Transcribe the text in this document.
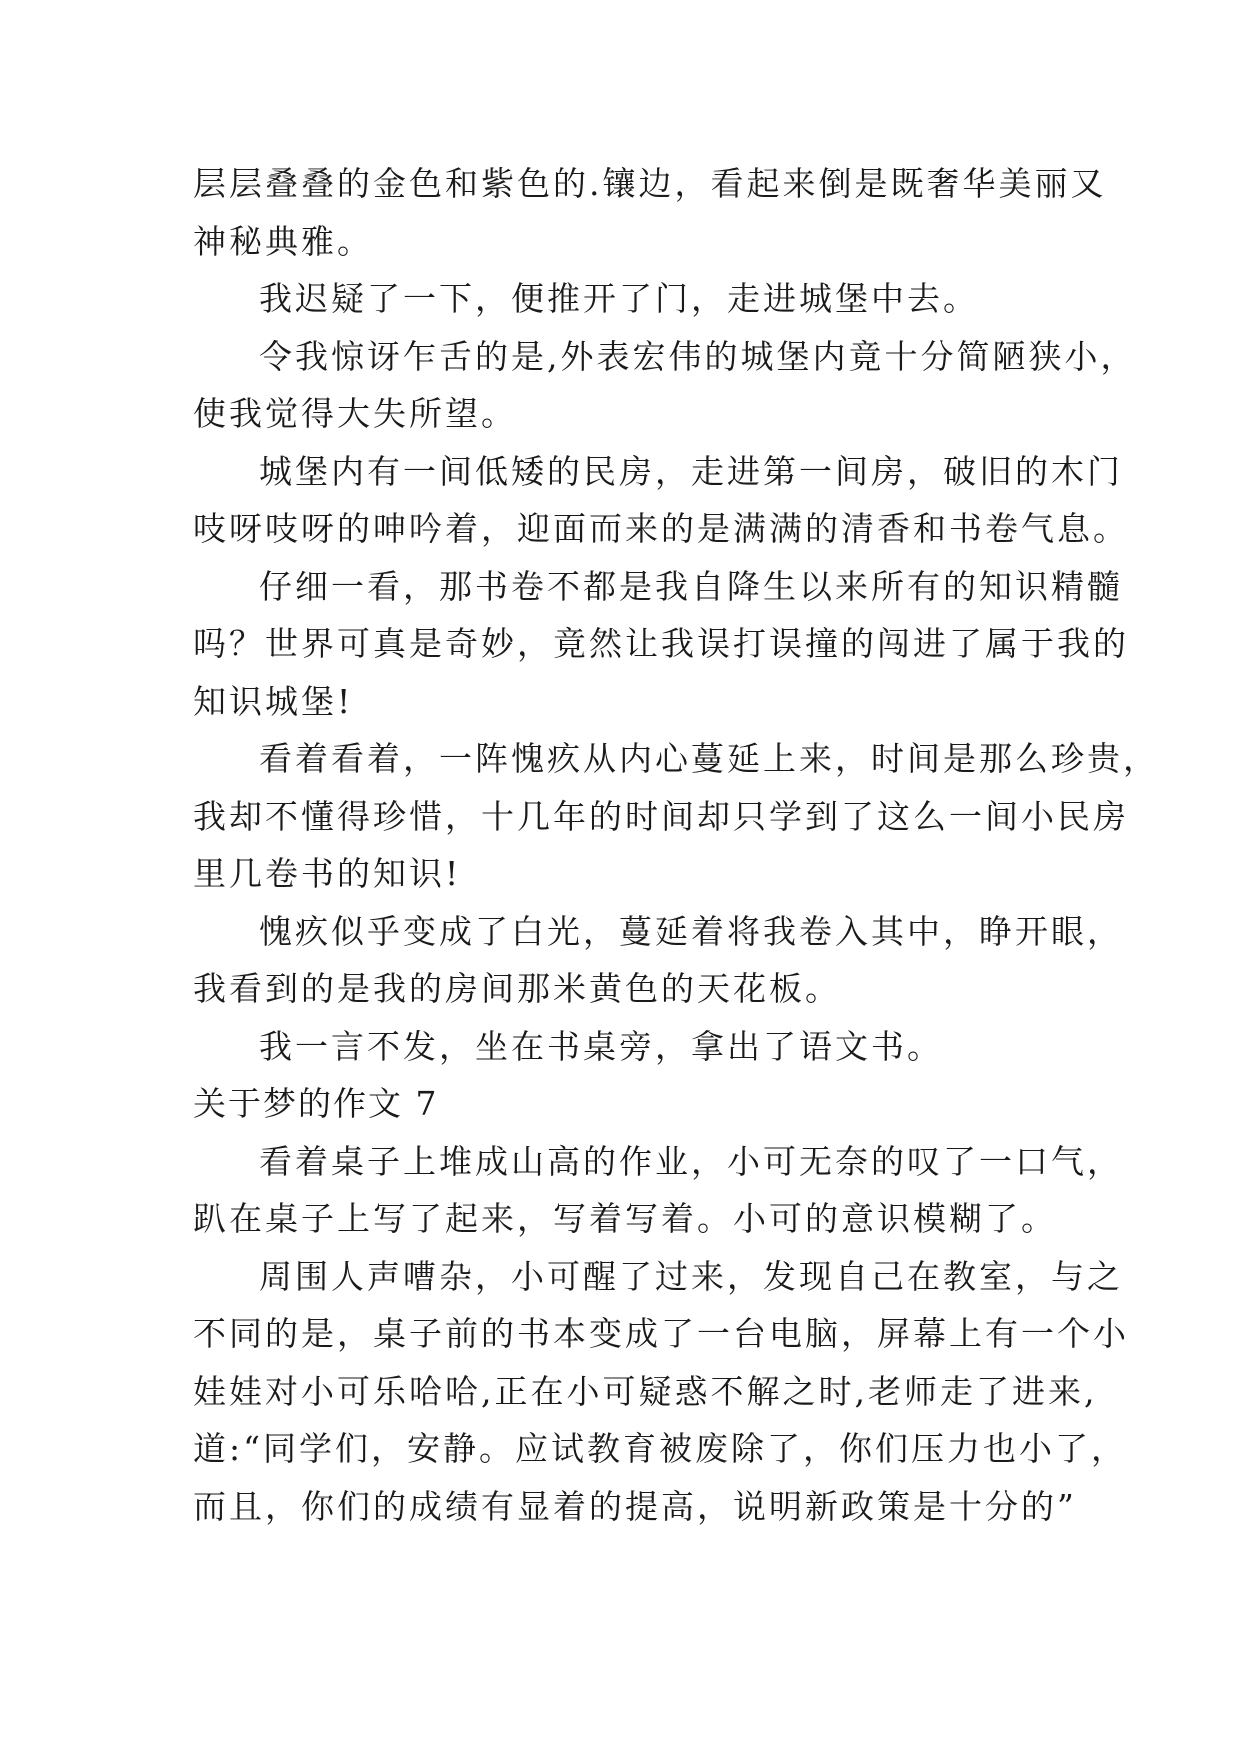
层层叠叠的金色和紫色的.镶边，看起来倒是既奢华美丽又
神秘典雅。
我迟疑了一下，便推开了门，走进城堡中去。
令我惊讶乍舌的是,外表宏伟的城堡内竟十分简陋狭小，
使我觉得大失所望。
城堡内有一间低矮的民房，走进第一间房，破旧的木门
吱呀吱呀的呻吟着，迎面而来的是满满的清香和书卷气息。
仔细一看，那书卷不都是我自降生以来所有的知识精髓
吗？世界可真是奇妙，竟然让我误打误撞的闯进了属于我的
知识城堡!
看着看着，一阵愧疚从内心蔓延上来，时间是那么珍贵，
我却不懂得珍惜，十几年的时间却只学到了这么一间小民房
里几卷书的知识!
愧疚似乎变成了白光，蔓延着将我卷入其中，睁开眼，
我看到的是我的房间那米黄色的天花板。
我一言不发，坐在书桌旁，拿出了语文书。
关于梦的作文 7
看着桌子上堆成山高的作业，小可无奈的叹了一口气，
趴在桌子上写了起来，写着写着。小可的意识模糊了。
周围人声嘈杂，小可醒了过来，发现自己在教室，与之
不同的是，桌子前的书本变成了一台电脑，屏幕上有一个小
娃娃对小可乐哈哈,正在小可疑惑不解之时,老师走了进来,
道:“同学们，安静。应试教育被废除了，你们压力也小了，
而且，你们的成绩有显着的提高，说明新政策是十分的”
